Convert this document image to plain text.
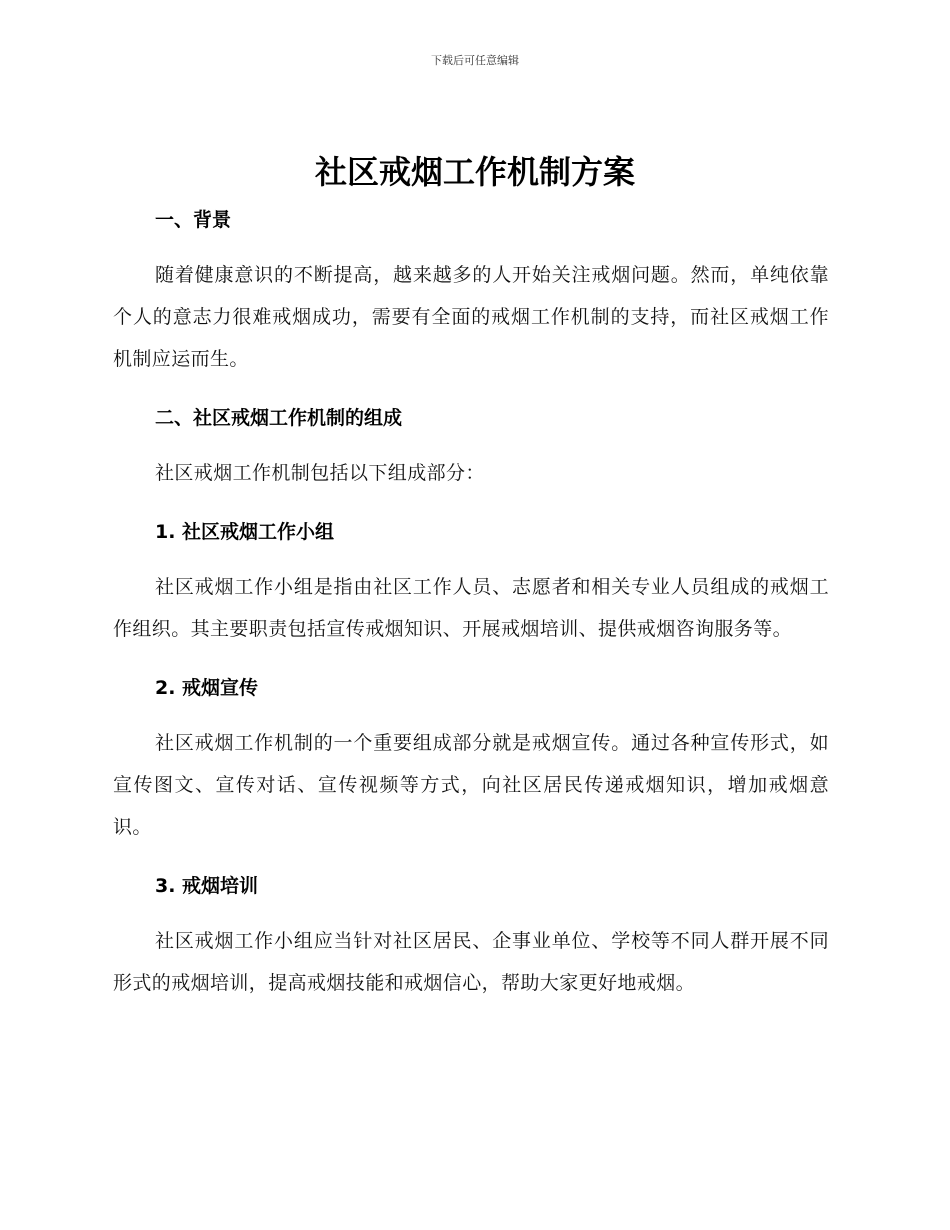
下载后可任意编辑
社区戒烟工作机制方案
一、背景

随着健康意识的不断提高，越来越多的人开始关注戒烟问题。然而，单纯依靠个人的意志力很难戒烟成功，需要有全面的戒烟工作机制的支持，而社区戒烟工作机制应运而生。

二、社区戒烟工作机制的组成

社区戒烟工作机制包括以下组成部分：

1. 社区戒烟工作小组

社区戒烟工作小组是指由社区工作人员、志愿者和相关专业人员组成的戒烟工作组织。其主要职责包括宣传戒烟知识、开展戒烟培训、提供戒烟咨询服务等。

2. 戒烟宣传

社区戒烟工作机制的一个重要组成部分就是戒烟宣传。通过各种宣传形式，如宣传图文、宣传对话、宣传视频等方式，向社区居民传递戒烟知识，增加戒烟意识。

3. 戒烟培训

社区戒烟工作小组应当针对社区居民、企事业单位、学校等不同人群开展不同形式的戒烟培训，提高戒烟技能和戒烟信心，帮助大家更好地戒烟。
